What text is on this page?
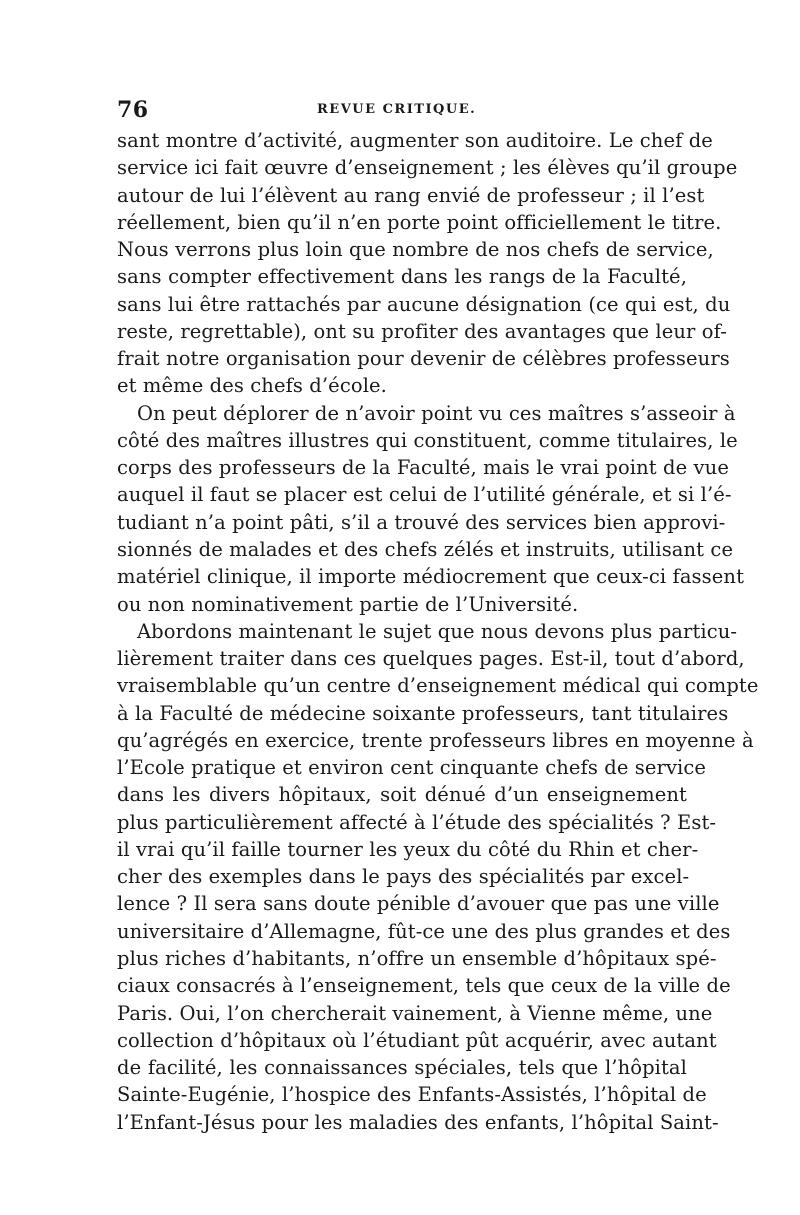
76	REVUE CRITIQUE.
sant montre d’activité, augmenter son auditoire. Le chef de
service ici fait œuvre d’enseignement ; les élèves qu’il groupe
autour de lui l’élèvent au rang envié de professeur ; il l’est
réellement, bien qu’il n’en porte point officiellement le titre.
Nous verrons plus loin que nombre de nos chefs de service,
sans compter effectivement dans les rangs de la Faculté,
sans lui être rattachés par aucune désignation (ce qui est, du
reste, regrettable), ont su profiter des avantages que leur of-
frait notre organisation pour devenir de célèbres professeurs
et même des chefs d’école.
On peut déplorer de n’avoir point vu ces maîtres s’asseoir à
côté des maîtres illustres qui constituent, comme titulaires, le
corps des professeurs de la Faculté, mais le vrai point de vue
auquel il faut se placer est celui de l’utilité générale, et si l’é-
tudiant n’a point pâti, s’il a trouvé des services bien approvi-
sionnés de malades et des chefs zélés et instruits, utilisant ce
matériel clinique, il importe médiocrement que ceux-ci fassent
ou non nominativement partie de l’Université.
Abordons maintenant le sujet que nous devons plus particu-
lièrement traiter dans ces quelques pages. Est-il, tout d’abord,
vraisemblable qu’un centre d’enseignement médical qui compte
à la Faculté de médecine soixante professeurs, tant titulaires
qu’agrégés en exercice, trente professeurs libres en moyenne à
l’Ecole pratique et environ cent cinquante chefs de service
dans les divers hôpitaux, soit dénué d’un enseignement
plus particulièrement affecté à l’étude des spécialités ? Est-
il vrai qu’il faille tourner les yeux du côté du Rhin et cher-
cher des exemples dans le pays des spécialités par excel-
lence ? Il sera sans doute pénible d’avouer que pas une ville
universitaire d’Allemagne, fût-ce une des plus grandes et des
plus riches d’habitants, n’offre un ensemble d’hôpitaux spé-
ciaux consacrés à l’enseignement, tels que ceux de la ville de
Paris. Oui, l’on chercherait vainement, à Vienne même, une
collection d’hôpitaux où l’étudiant pût acquérir, avec autant
de facilité, les connaissances spéciales, tels que l’hôpital
Sainte-Eugénie, l’hospice des Enfants-Assistés, l’hôpital de
l’Enfant-Jésus pour les maladies des enfants, l’hôpital Saint-
